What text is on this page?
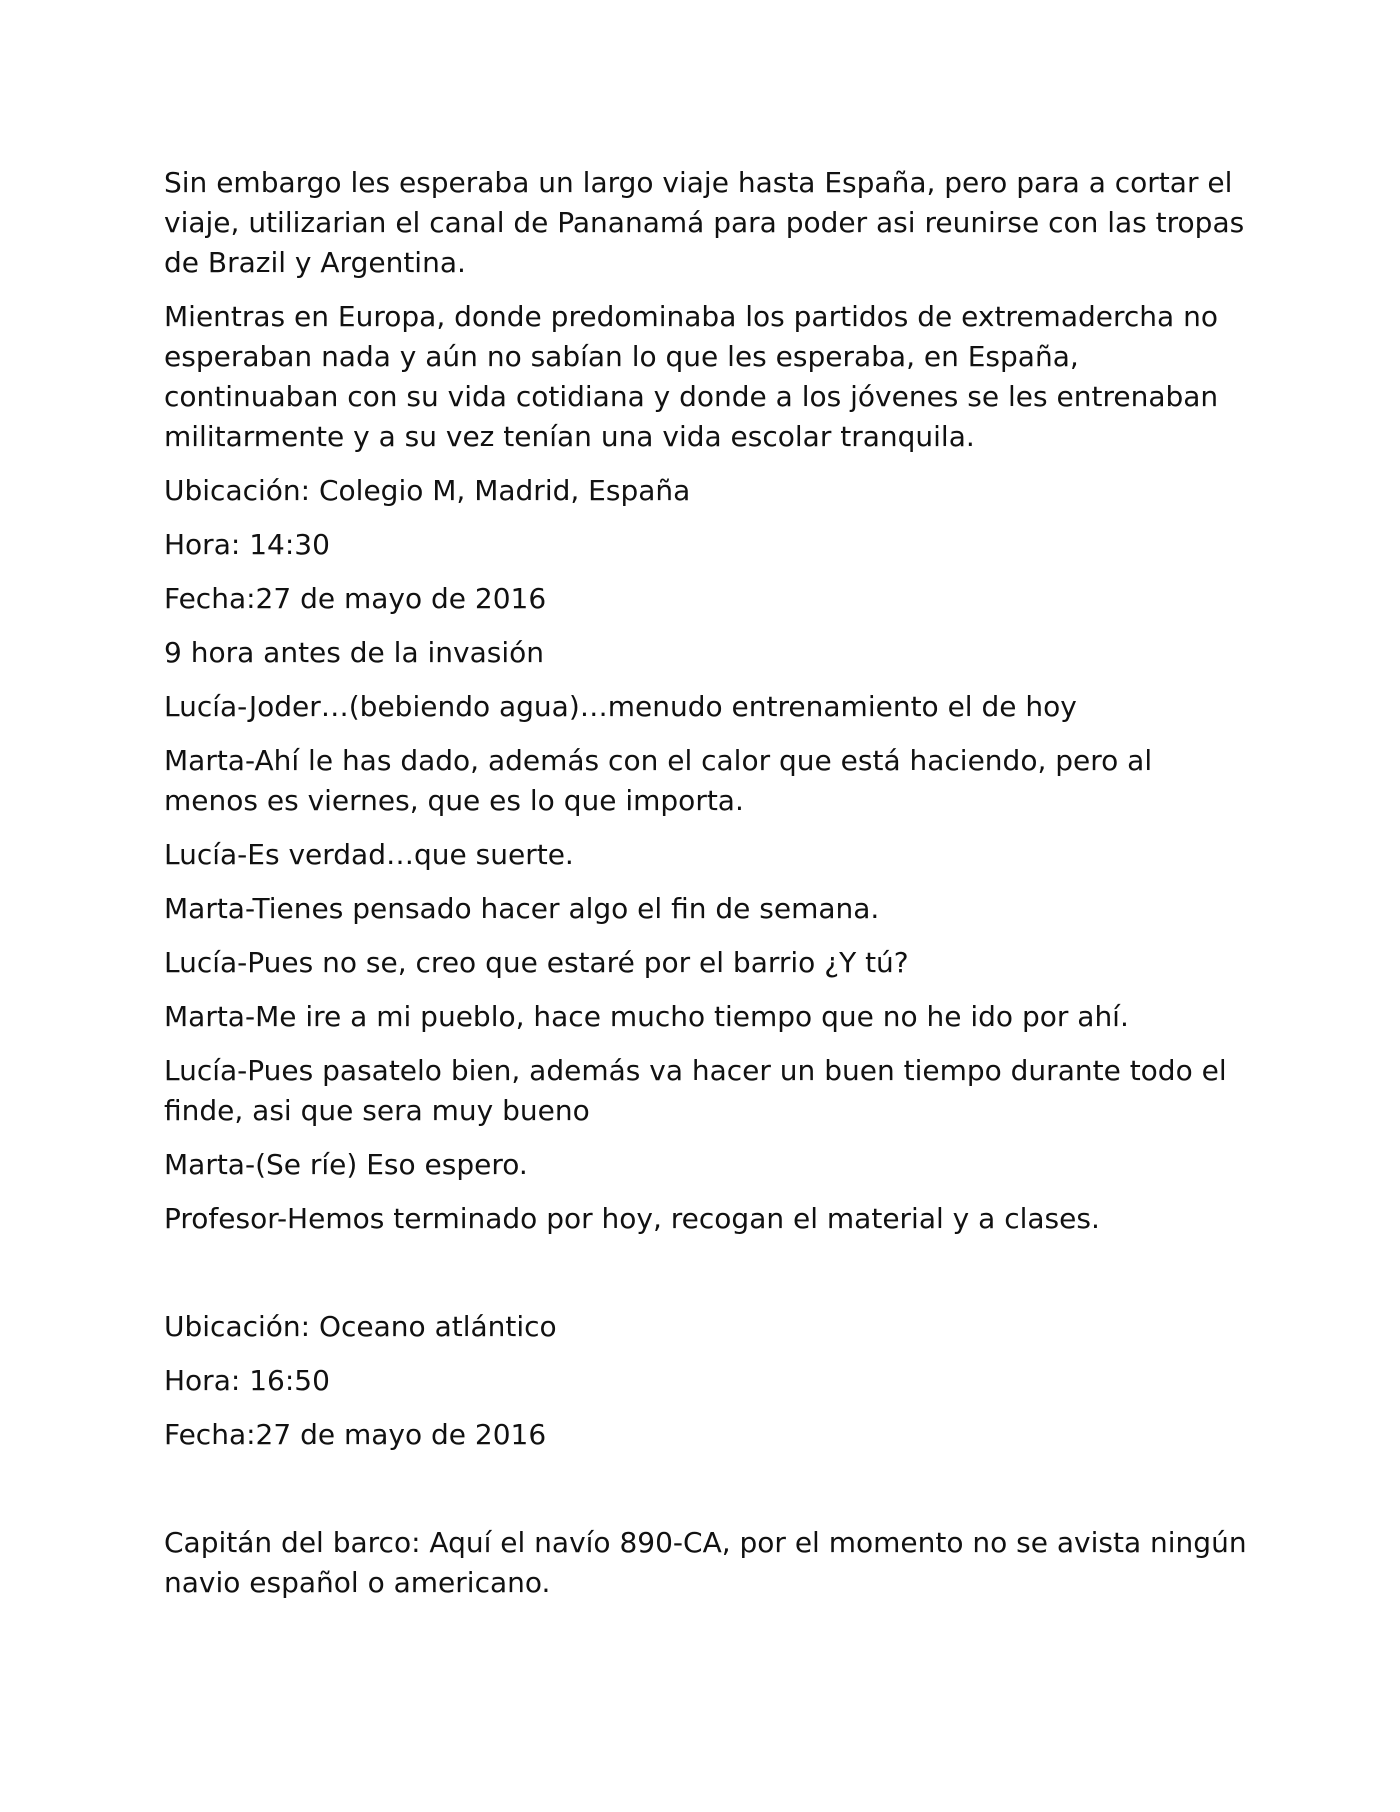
Sin embargo les esperaba un largo viaje hasta España, pero para a cortar el viaje, utilizarian el canal de Pananamá para poder asi reunirse con las tropas de Brazil y Argentina.

Mientras en Europa, donde predominaba los partidos de extremadercha no esperaban nada y aún no sabían lo que les esperaba, en España, continuaban con su vida cotidiana y donde a los jóvenes se les entrenaban militarmente y a su vez tenían una vida escolar tranquila.

Ubicación: Colegio M, Madrid, España

Hora: 14:30

Fecha:27 de mayo de 2016

9 hora antes de la invasión

Lucía-Joder…(bebiendo agua)…menudo entrenamiento el de hoy

Marta-Ahí le has dado, además con el calor que está haciendo, pero al menos es viernes, que es lo que importa.

Lucía-Es verdad…que suerte.

Marta-Tienes pensado hacer algo el fin de semana.

Lucía-Pues no se, creo que estaré por el barrio ¿Y tú?

Marta-Me ire a mi pueblo, hace mucho tiempo que no he ido por ahí.

Lucía-Pues pasatelo bien, además va hacer un buen tiempo durante todo el finde, asi que sera muy bueno

Marta-(Se ríe) Eso espero.

Profesor-Hemos terminado por hoy, recogan el material y a clases.

Ubicación: Oceano atlántico

Hora: 16:50

Fecha:27 de mayo de 2016

Capitán del barco: Aquí el navío 890-CA, por el momento no se avista ningún navio español o americano.
